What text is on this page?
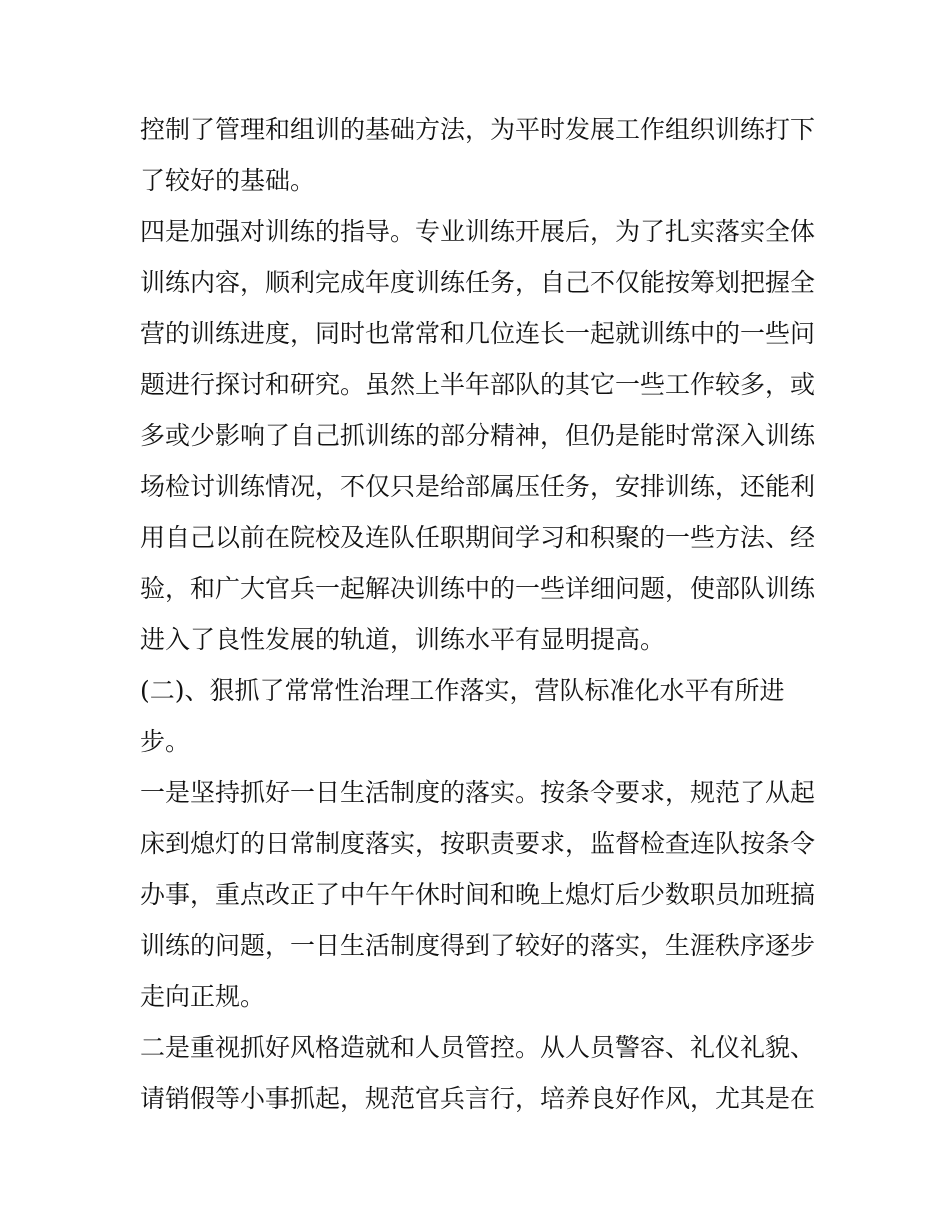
控制了管理和组训的基础方法，为平时发展工作组织训练打下
了较好的基础。
四是加强对训练的指导。专业训练开展后，为了扎实落实全体
训练内容，顺利完成年度训练任务，自己不仅能按筹划把握全
营的训练进度，同时也常常和几位连长一起就训练中的一些问
题进行探讨和研究。虽然上半年部队的其它一些工作较多，或
多或少影响了自己抓训练的部分精神，但仍是能时常深入训练
场检讨训练情况，不仅只是给部属压任务，安排训练，还能利
用自己以前在院校及连队任职期间学习和积聚的一些方法、经
验，和广大官兵一起解决训练中的一些详细问题，使部队训练
进入了良性发展的轨道，训练水平有显明提高。
(二)、狠抓了常常性治理工作落实，营队标准化水平有所进
步。
一是坚持抓好一日生活制度的落实。按条令要求，规范了从起
床到熄灯的日常制度落实，按职责要求，监督检查连队按条令
办事，重点改正了中午午休时间和晚上熄灯后少数职员加班搞
训练的问题，一日生活制度得到了较好的落实，生涯秩序逐步
走向正规。
二是重视抓好风格造就和人员管控。从人员警容、礼仪礼貌、
请销假等小事抓起，规范官兵言行，培养良好作风，尤其是在
